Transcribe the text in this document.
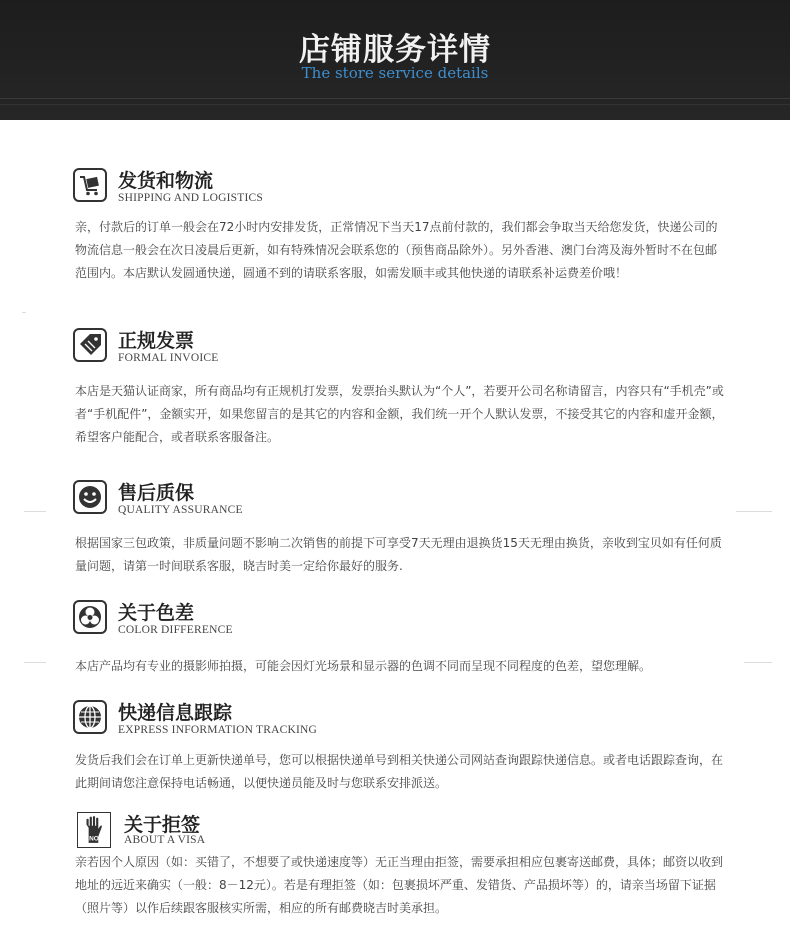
店铺服务详情
The store service details
发货和物流
SHIPPING AND LOGISTICS
亲，付款后的订单一般会在72小时内安排发货，正常情况下当天17点前付款的，我们都会争取当天给您发货，快递公司的物流信息一般会在次日凌晨后更新，如有特殊情况会联系您的（预售商品除外）。另外香港、澳门台湾及海外暂时不在包邮范围内。本店默认发圆通快递，圆通不到的请联系客服，如需发顺丰或其他快递的请联系补运费差价哦！
正规发票
FORMAL INVOICE
本店是天猫认证商家，所有商品均有正规机打发票，发票抬头默认为“个人”，若要开公司名称请留言，内容只有“手机壳”或者“手机配件”，金额实开，如果您留言的是其它的内容和金额，我们统一开个人默认发票，不接受其它的内容和虚开金额，希望客户能配合，或者联系客服备注。
售后质保
QUALITY ASSURANCE
根据国家三包政策，非质量问题不影响二次销售的前提下可享受7天无理由退换货15天无理由换货，亲收到宝贝如有任何质量问题，请第一时间联系客服，晓吉时美一定给你最好的服务.
关于色差
COLOR DIFFERENCE
本店产品均有专业的摄影师拍摄，可能会因灯光场景和显示器的色调不同而呈现不同程度的色差，望您理解。
快递信息跟踪
EXPRESS INFORMATION TRACKING
发货后我们会在订单上更新快递单号，您可以根据快递单号到相关快递公司网站查询跟踪快递信息。或者电话跟踪查询，在此期间请您注意保持电话畅通，以便快递员能及时与您联系安排派送。
NO
关于拒签
ABOUT A VISA
亲若因个人原因（如：买错了，不想要了或快递速度等）无正当理由拒签，需要承担相应包裹寄送邮费，具体；邮资以收到地址的远近来确实（一般：8－12元）。若是有理拒签（如：包裹损坏严重、发错货、产品损坏等）的，请亲当场留下证据（照片等）以作后续跟客服核实所需，相应的所有邮费晓吉时美承担。
